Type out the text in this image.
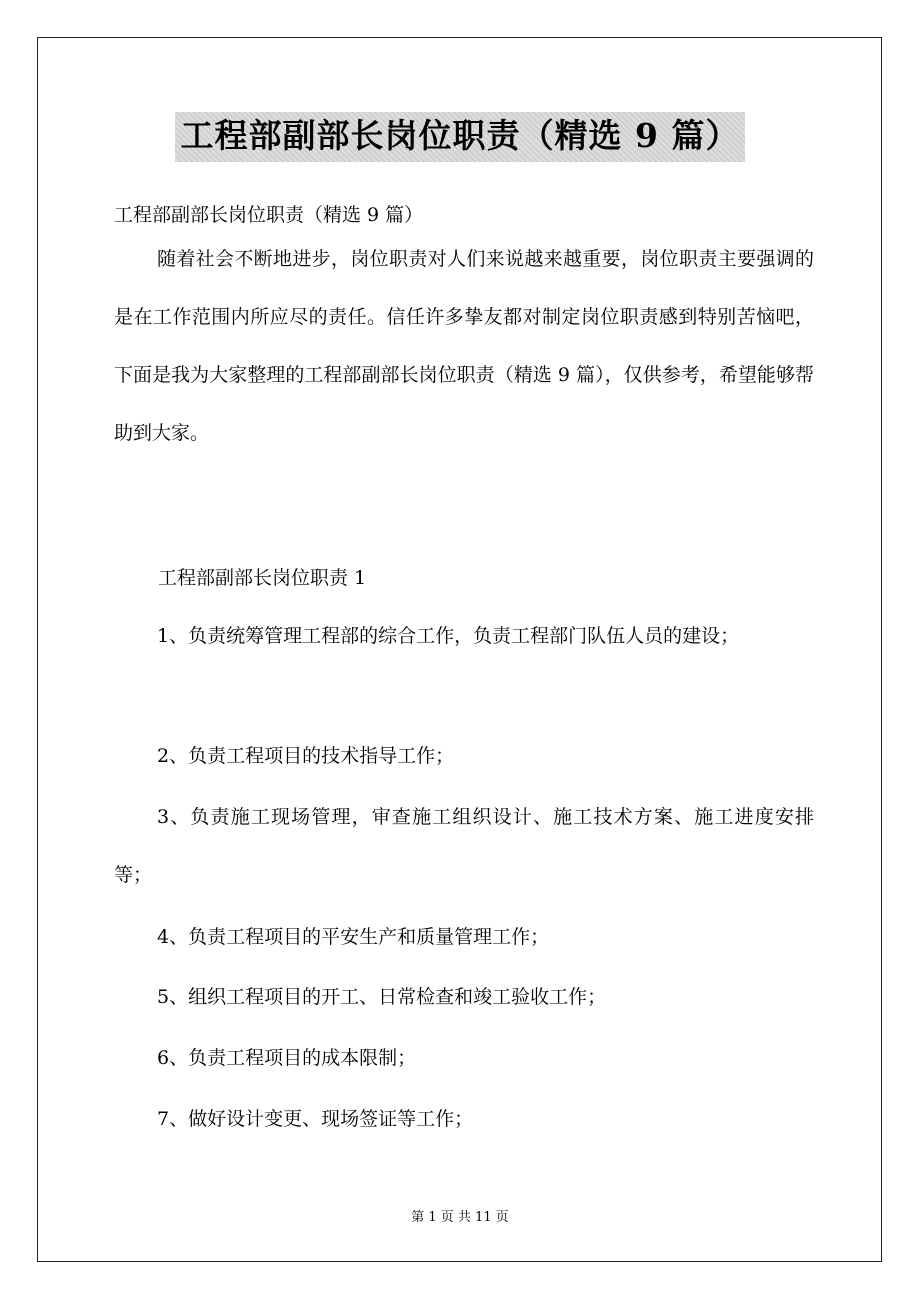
工程部副部长岗位职责（精选 9 篇）
工程部副部长岗位职责（精选 9 篇）

随着社会不断地进步，岗位职责对人们来说越来越重要，岗位职责主要强调的是在工作范围内所应尽的责任。信任许多挚友都对制定岗位职责感到特别苦恼吧，下面是我为大家整理的工程部副部长岗位职责（精选 9 篇），仅供参考，希望能够帮助到大家。

工程部副部长岗位职责 1

1、负责统筹管理工程部的综合工作，负责工程部门队伍人员的建设；

2、负责工程项目的技术指导工作；

3、负责施工现场管理，审查施工组织设计、施工技术方案、施工进度安排等；

4、负责工程项目的平安生产和质量管理工作；

5、组织工程项目的开工、日常检查和竣工验收工作；

6、负责工程项目的成本限制；

7、做好设计变更、现场签证等工作；

第 1 页 共 11 页
